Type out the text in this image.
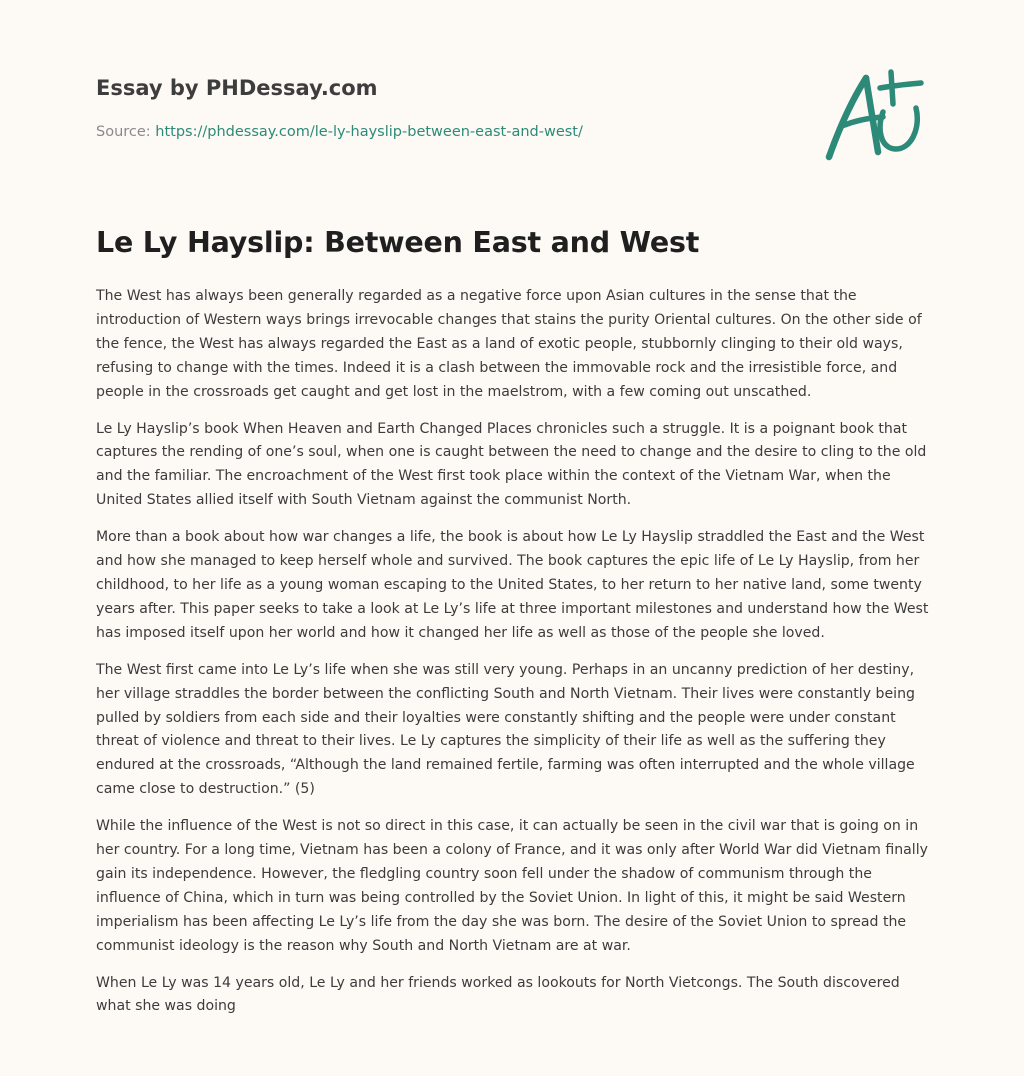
Essay by PHDessay.com
Source: https://phdessay.com/le-ly-hayslip-between-east-and-west/
Le Ly Hayslip: Between East and West

The West has always been generally regarded as a negative force upon Asian cultures in the sense that the introduction of Western ways brings irrevocable changes that stains the purity Oriental cultures. On the other side of the fence, the West has always regarded the East as a land of exotic people, stubbornly clinging to their old ways, refusing to change with the times. Indeed it is a clash between the immovable rock and the irresistible force, and people in the crossroads get caught and get lost in the maelstrom, with a few coming out unscathed.

Le Ly Hayslip’s book When Heaven and Earth Changed Places chronicles such a struggle. It is a poignant book that captures the rending of one’s soul, when one is caught between the need to change and the desire to cling to the old and the familiar. The encroachment of the West first took place within the context of the Vietnam War, when the United States allied itself with South Vietnam against the communist North.

More than a book about how war changes a life, the book is about how Le Ly Hayslip straddled the East and the West and how she managed to keep herself whole and survived. The book captures the epic life of Le Ly Hayslip, from her childhood, to her life as a young woman escaping to the United States, to her return to her native land, some twenty years after. This paper seeks to take a look at Le Ly’s life at three important milestones and understand how the West has imposed itself upon her world and how it changed her life as well as those of the people she loved.

The West first came into Le Ly’s life when she was still very young. Perhaps in an uncanny prediction of her destiny, her village straddles the border between the conflicting South and North Vietnam. Their lives were constantly being pulled by soldiers from each side and their loyalties were constantly shifting and the people were under constant threat of violence and threat to their lives. Le Ly captures the simplicity of their life as well as the suffering they endured at the crossroads, “Although the land remained fertile, farming was often interrupted and the whole village came close to destruction.” (5)

While the influence of the West is not so direct in this case, it can actually be seen in the civil war that is going on in her country. For a long time, Vietnam has been a colony of France, and it was only after World War did Vietnam finally gain its independence. However, the fledgling country soon fell under the shadow of communism through the influence of China, which in turn was being controlled by the Soviet Union. In light of this, it might be said Western imperialism has been affecting Le Ly’s life from the day she was born. The desire of the Soviet Union to spread the communist ideology is the reason why South and North Vietnam are at war.

When Le Ly was 14 years old, Le Ly and her friends worked as lookouts for North Vietcongs. The South discovered what she was doing
